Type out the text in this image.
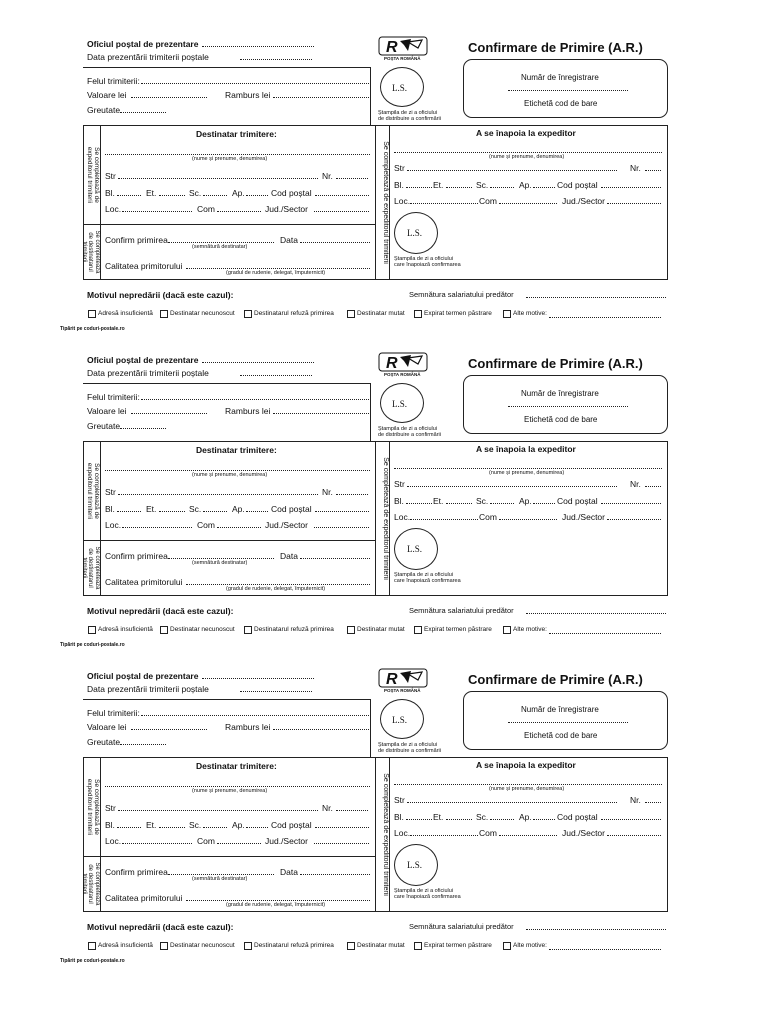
Oficiul poștal de prezentare
Data prezentării trimiterii poștale
Felul trimiterii:
Valoare lei	Ramburs lei
Greutate
L.S.
Ștampila de zi a oficiului
de distribuire a confirmării
R
POȘTA ROMÂNĂ
Confirmare de Primire (A.R.)
Număr de înregistrare
Etichetă cod de bare
Se completează de
expeditorul trimiterii
Se completează
de destinatarul
trimiterii
Destinatar trimitere:
(nume și prenume, denumirea)
Str	Nr.
Bl.	Et.	Sc.	Ap.	Cod poștal
Loc.	Com	Jud./Sector
Confirm primirea	Data
(semnătură destinatar)
Calitatea primitorului
(gradul de rudenie, delegat, împuternicit)
Se completează de expeditorul trimiterii
A se înapoia la expeditor
(nume și prenume, denumirea)
Str	Nr.
Bl.	Et.	Sc.	Ap.	Cod poștal
Loc.	Com	Jud./Sector
L.S.
Ștampila de zi a oficiului
care înapoiază confirmarea
Motivul nepredării (dacă este cazul):	Semnătura salariatului predător
Adresă insuficientă	Destinatar necunoscut	Destinatarul refuză primirea	Destinatar mutat	Expirat termen păstrare	Alte motive:
Tipărit pe coduri-postale.ro
Oficiul poștal de prezentare
Data prezentării trimiterii poștale
Felul trimiterii:
Valoare lei	Ramburs lei
Greutate
L.S.
Ștampila de zi a oficiului
de distribuire a confirmării
R
POȘTA ROMÂNĂ
Confirmare de Primire (A.R.)
Număr de înregistrare
Etichetă cod de bare
Se completează de
expeditorul trimiterii
Se completează
de destinatarul
trimiterii
Destinatar trimitere:
(nume și prenume, denumirea)
Str	Nr.
Bl.	Et.	Sc.	Ap.	Cod poștal
Loc.	Com	Jud./Sector
Confirm primirea	Data
(semnătură destinatar)
Calitatea primitorului
(gradul de rudenie, delegat, împuternicit)
Se completează de expeditorul trimiterii
A se înapoia la expeditor
(nume și prenume, denumirea)
Str	Nr.
Bl.	Et.	Sc.	Ap.	Cod poștal
Loc.	Com	Jud./Sector
L.S.
Ștampila de zi a oficiului
care înapoiază confirmarea
Motivul nepredării (dacă este cazul):	Semnătura salariatului predător
Adresă insuficientă	Destinatar necunoscut	Destinatarul refuză primirea	Destinatar mutat	Expirat termen păstrare	Alte motive:
Tipărit pe coduri-postale.ro
Oficiul poștal de prezentare
Data prezentării trimiterii poștale
Felul trimiterii:
Valoare lei	Ramburs lei
Greutate
L.S.
Ștampila de zi a oficiului
de distribuire a confirmării
R
POȘTA ROMÂNĂ
Confirmare de Primire (A.R.)
Număr de înregistrare
Etichetă cod de bare
Se completează de
expeditorul trimiterii
Se completează
de destinatarul
trimiterii
Destinatar trimitere:
(nume și prenume, denumirea)
Str	Nr.
Bl.	Et.	Sc.	Ap.	Cod poștal
Loc.	Com	Jud./Sector
Confirm primirea	Data
(semnătură destinatar)
Calitatea primitorului
(gradul de rudenie, delegat, împuternicit)
Se completează de expeditorul trimiterii
A se înapoia la expeditor
(nume și prenume, denumirea)
Str	Nr.
Bl.	Et.	Sc.	Ap.	Cod poștal
Loc.	Com	Jud./Sector
L.S.
Ștampila de zi a oficiului
care înapoiază confirmarea
Motivul nepredării (dacă este cazul):	Semnătura salariatului predător
Adresă insuficientă	Destinatar necunoscut	Destinatarul refuză primirea	Destinatar mutat	Expirat termen păstrare	Alte motive:
Tipărit pe coduri-postale.ro
